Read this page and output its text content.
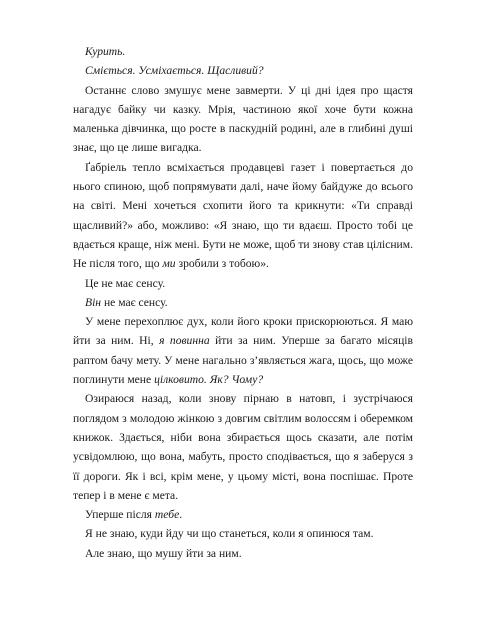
Курить.

Сміється. Усміхається. Щасливий?

Останнє слово змушує мене завмерти. У ці дні ідея про щастя нагадує байку чи казку. Мрія, частиною якої хоче бути кожна маленька дівчинка, що росте в паскудній родині, але в глибині душі знає, що це лише вигадка.

Ґабріель тепло всміхається продавцеві газет і повертається до нього спиною, щоб попрямувати далі, наче йому байдуже до всього на світі. Мені хочеться схопити його та крикнути: «Ти справді щасливий?» або, можливо: «Я знаю, що ти вдаєш. Просто тобі це вдається краще, ніж мені. Бути не може, щоб ти знову став цілісним. Не після того, що ми зробили з тобою».

Це не має сенсу.

Він не має сенсу.

У мене перехоплює дух, коли його кроки прискорюються. Я маю йти за ним. Ні, я повинна йти за ним. Уперше за багато місяців раптом бачу мету. У мене нагально з’являється жага, щось, що може поглинути мене цілковито. Як? Чому?

Озираюся назад, коли знову пірнаю в натовп, і зустрічаюся поглядом з молодою жінкою з довгим світлим волоссям і оберемком книжок. Здається, ніби вона збирається щось сказати, але потім усвідомлюю, що вона, мабуть, просто сподівається, що я заберуся з її дороги. Як і всі, крім мене, у цьому місті, вона поспішає. Проте тепер і в мене є мета.

Уперше після тебе.

Я не знаю, куди йду чи що станеться, коли я опинюся там.

Але знаю, що мушу йти за ним.
